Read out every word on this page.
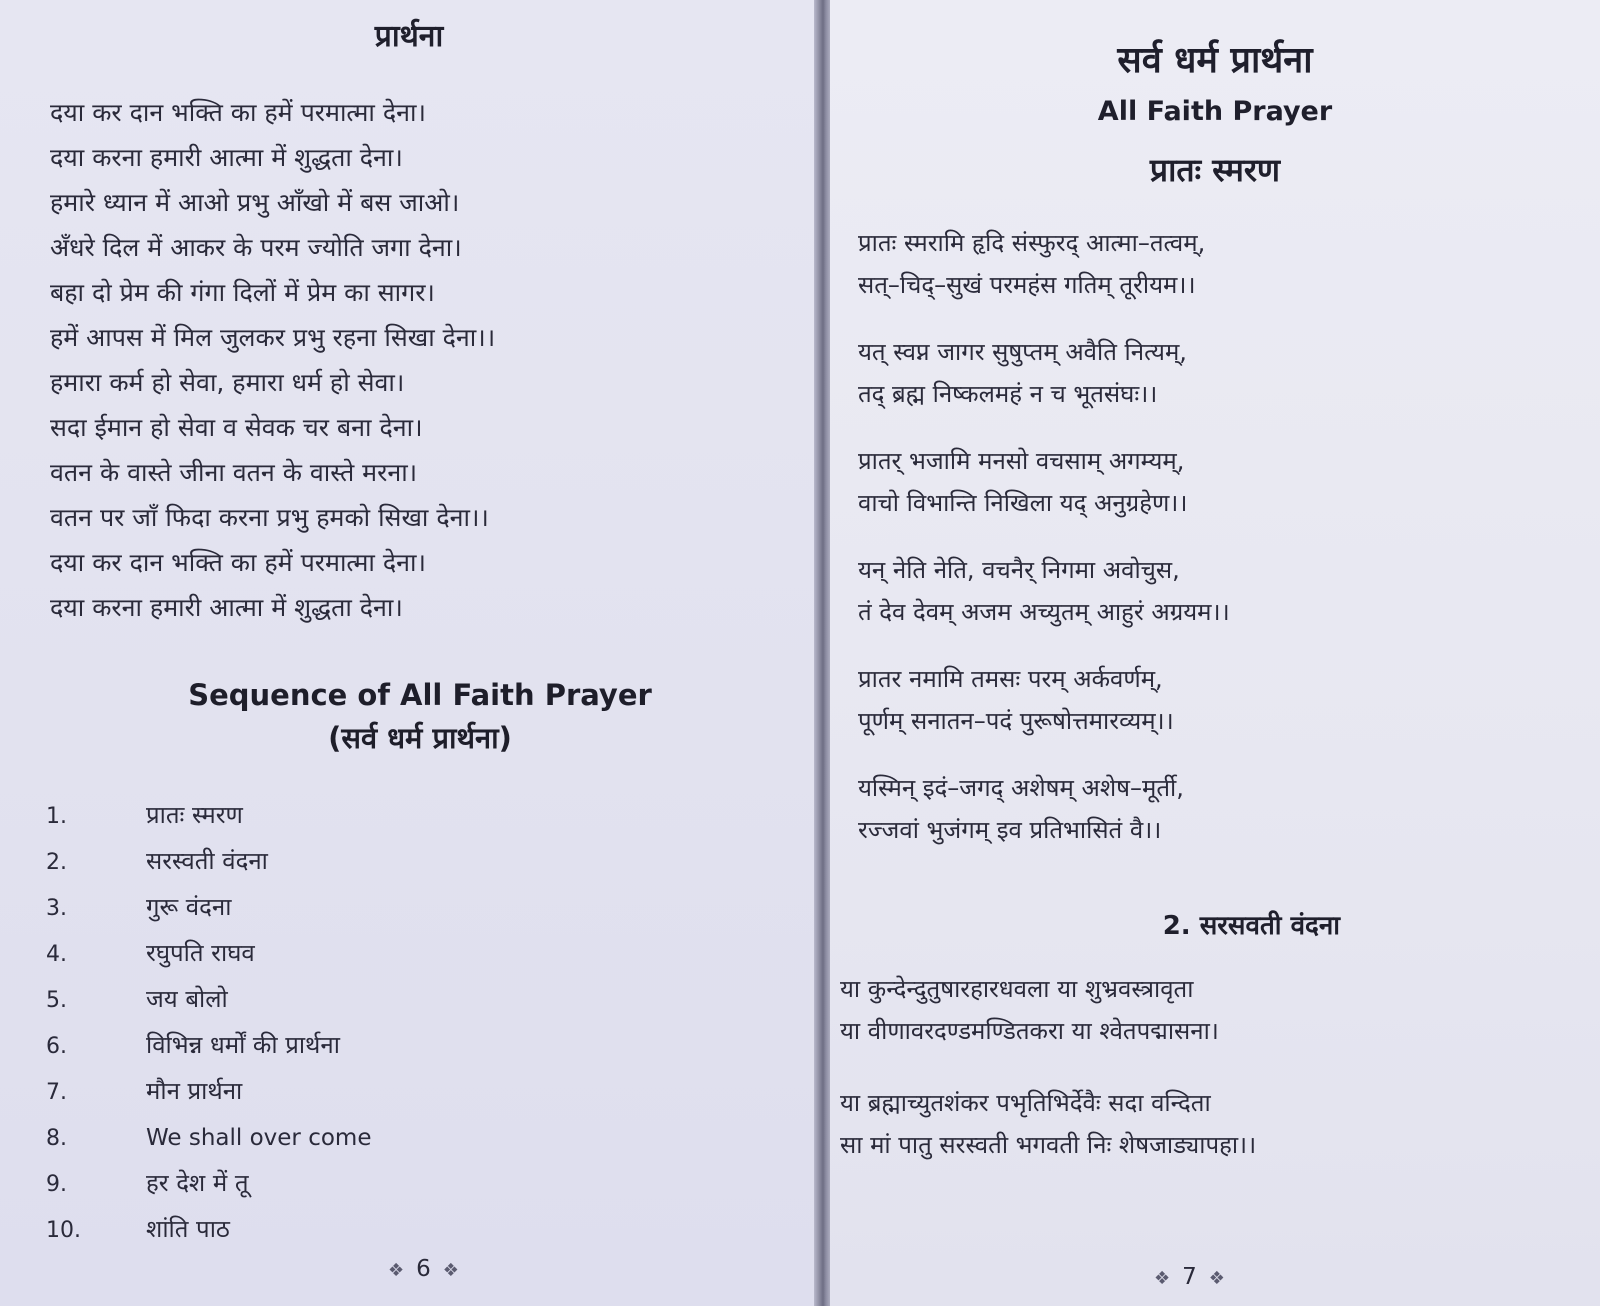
प्रार्थना
दया कर दान भक्ति का हमें परमात्मा देना।
दया करना हमारी आत्मा में शुद्धता देना।
हमारे ध्यान में आओ प्रभु आँखो में बस जाओ।
अँधरे दिल में आकर के परम ज्योति जगा देना।
बहा दो प्रेम की गंगा दिलों में प्रेम का सागर।
हमें आपस में मिल जुलकर प्रभु रहना सिखा देना।।
हमारा कर्म हो सेवा, हमारा धर्म हो सेवा।
सदा ईमान हो सेवा व सेवक चर बना देना।
वतन के वास्ते जीना वतन के वास्ते मरना।
वतन पर जाँ फिदा करना प्रभु हमको सिखा देना।।
दया कर दान भक्ति का हमें परमात्मा देना।
दया करना हमारी आत्मा में शुद्धता देना।
Sequence of All Faith Prayer
(सर्व धर्म प्रार्थना)
1.	प्रातः स्मरण
2.	सरस्वती वंदना
3.	गुरू वंदना
4.	रघुपति राघव
5.	जय बोलो
6.	विभिन्न धर्मों की प्रार्थना
7.	मौन प्रार्थना
8.	We shall over come
9.	हर देश में तू
10.	शांति पाठ
❖ 6 ❖
सर्व धर्म प्रार्थना
All Faith Prayer
प्रातः स्मरण
प्रातः स्मरामि हृदि संस्फुरद् आत्मा–तत्वम्,
सत्–चिद्–सुखं परमहंस गतिम् तूरीयम।।
यत् स्वप्न जागर सुषुप्तम् अवैति नित्यम्,
तद् ब्रह्म निष्कलमहं न च भूतसंघः।।
प्रातर् भजामि मनसो वचसाम् अगम्यम्,
वाचो विभान्ति निखिला यद् अनुग्रहेण।।
यन् नेति नेति, वचनैर् निगमा अवोचुस,
तं देव देवम् अजम अच्युतम् आहुरं अग्रयम।।
प्रातर नमामि तमसः परम् अर्कवर्णम्,
पूर्णम् सनातन–पदं पुरूषोत्तमारव्यम्।।
यस्मिन् इदं–जगद् अशेषम् अशेष–मूर्ती,
रज्जवां भुजंगम् इव प्रतिभासितं वै।।
2. सरसवती वंदना
या कुन्देन्दुतुषारहारधवला या शुभ्रवस्त्रावृता
या वीणावरदण्डमण्डितकरा या श्वेतपद्मासना।
या ब्रह्माच्युतशंकर पभृतिभिर्देवैः सदा वन्दिता
सा मां पातु सरस्वती भगवती निः शेषजाड्यापहा।।
❖ 7 ❖
